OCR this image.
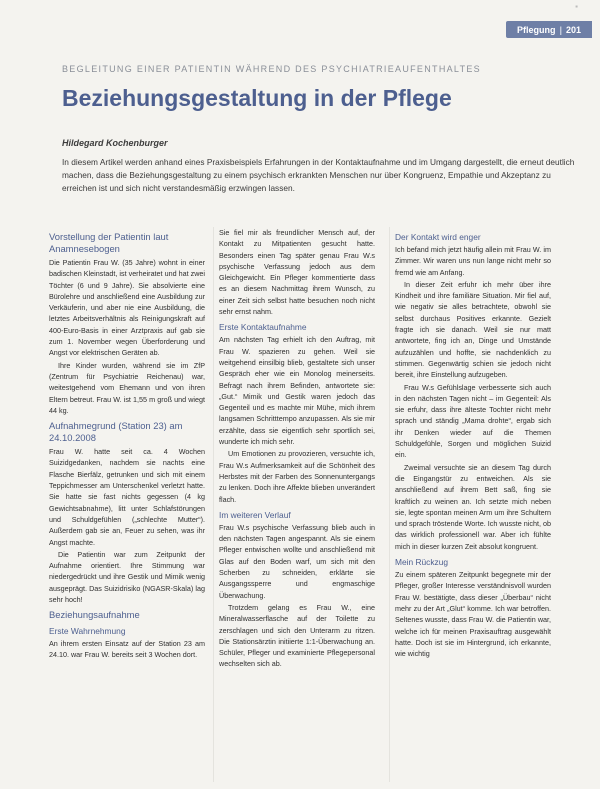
▪
Pflegung | 201
BEGLEITUNG EINER PATIENTIN WÄHREND DES PSYCHIATRIEAUFENTHALTES
Beziehungsgestaltung in der Pflege
Hildegard Kochenburger

In diesem Artikel werden anhand eines Praxisbeispiels Erfahrungen in der Kontaktaufnahme und im Umgang dargestellt, die erneut deutlich machen, dass die Beziehungsgestaltung zu einem psychisch erkrankten Menschen nur über Kongruenz, Empathie und Akzeptanz zu erreichen ist und sich nicht verstandesmäßig erzwingen lassen.

Vorstellung der Patientin laut Anamnesebogen

Die Patientin Frau W. (35 Jahre) wohnt in einer badischen Kleinstadt, ist verheiratet und hat zwei Töchter (6 und 9 Jahre). Sie absolvierte eine Bürolehre und anschließend eine Ausbildung zur Verkäuferin, und aber nie eine Ausbildung, die letztes Arbeitsverhältnis als Reinigungskraft auf 400-Euro-Basis in einer Arztpraxis auf gab sie zum 1. November wegen Überforderung und Angst vor elektrischen Geräten ab.

Ihre Kinder wurden, während sie im ZfP (Zentrum für Psychiatrie Reichenau) war, weitestgehend vom Ehemann und von ihren Eltern betreut. Frau W. ist 1,55 m groß und wiegt 44 kg.

Aufnahmegrund (Station 23) am 24.10.2008

Frau W. hatte seit ca. 4 Wochen Suizidgedanken, nachdem sie nachts eine Flasche Bierfälz, getrunken und sich mit einem Teppichmesser am Unterschenkel verletzt hatte. Sie hatte sie fast nichts gegessen (4 kg Gewichtsabnahme), litt unter Schlafstörungen und Schuldgefühlen („schlechte Mutter“). Außerdem gab sie an, Feuer zu sehen, was ihr Angst machte.

Die Patientin war zum Zeitpunkt der Aufnahme orientiert. Ihre Stimmung war niedergedrückt und ihre Gestik und Mimik wenig ausgeprägt. Das Suizidrisiko (NGASR-Skala) lag sehr hoch!

Beziehungsaufnahme
Erste Wahrnehmung

An ihrem ersten Einsatz auf der Station 23 am 24.10. war Frau W. bereits seit 3 Wochen dort.

Sie fiel mir als freundlicher Mensch auf, der Kontakt zu Mitpatienten gesucht hatte. Besonders einen Tag später genau Frau W.s psychische Verfassung jedoch aus dem Gleichgewicht. Ein Pfleger kommentierte dass es an diesem Nachmittag ihrem Wunsch, zu einer Zeit sich selbst hatte besuchen noch nicht sehr ernst nahm.

Erste Kontaktaufnahme

Am nächsten Tag erhielt ich den Auftrag, mit Frau W. spazieren zu gehen. Weil sie weitgehend einsilbig blieb, gestaltete sich unser Gespräch eher wie ein Monolog meinerseits. Befragt nach ihrem Befinden, antwortete sie: „Gut.“ Mimik und Gestik waren jedoch das Gegenteil und es machte mir Mühe, mich ihrem langsamen Schritttempo anzupassen. Als sie mir erzählte, dass sie eigentlich sehr sportlich sei, wunderte ich mich sehr.

Um Emotionen zu provozieren, versuchte ich, Frau W.s Aufmerksamkeit auf die Schönheit des Herbstes mit der Farben des Sonnenuntergangs zu lenken. Doch ihre Affekte blieben unverändert flach.

Im weiteren Verlauf

Frau W.s psychische Verfassung blieb auch in den nächsten Tagen angespannt. Als sie einem Pfleger entwischen wollte und anschließend mit Glas auf den Boden warf, um sich mit den Scherben zu schneiden, erklärte sie Ausgangssperre und engmaschige Überwachung.

Trotzdem gelang es Frau W., eine Mineralwasserflasche auf der Toilette zu zerschlagen und sich den Unterarm zu ritzen. Die Stationsärztin initiierte 1:1-Überwachung an. Schüler, Pfleger und examinierte Pflegepersonal wechselten sich ab.

Der Kontakt wird enger

Ich befand mich jetzt häufig allein mit Frau W. im Zimmer. Wir waren uns nun lange nicht mehr so fremd wie am Anfang.

In dieser Zeit erfuhr ich mehr über ihre Kindheit und ihre familiäre Situation. Mir fiel auf, wie negativ sie alles betrachtete, obwohl sie selbst durchaus Positives erkannte. Gezielt fragte ich sie danach. Weil sie nur matt antwortete, fing ich an, Dinge und Umstände aufzuzählen und hoffte, sie nachdenklich zu stimmen. Gegenwärtig schien sie jedoch nicht bereit, ihre Einstellung aufzugeben.

Frau W.s Gefühlslage verbesserte sich auch in den nächsten Tagen nicht – im Gegenteil: Als sie erfuhr, dass ihre älteste Tochter nicht mehr sprach und ständig „Mama drohte“, ergab sich ihr Denken wieder auf die Themen Schuldgefühle, Sorgen und möglichen Suizid ein.

Zweimal versuchte sie an diesem Tag durch die Eingangstür zu entweichen. Als sie anschließend auf ihrem Bett saß, fing sie kraftlich zu weinen an. Ich setzte mich neben sie, legte spontan meinen Arm um ihre Schultern und sprach tröstende Worte. Ich wusste nicht, ob das wirklich professionell war. Aber ich fühlte mich in dieser kurzen Zeit absolut kongruent.

Mein Rückzug

Zu einem späteren Zeitpunkt begegnete mir der Pfleger, großer Interesse verständnisvoll wurden Frau W. bestätigte, dass dieser „Überbau“ nicht mehr zu der Art „Glut“ komme. Ich war betroffen. Seltenes wusste, dass Frau W. die Patientin war, welche ich für meinen Praxisauftrag ausgewählt hatte. Doch ist sie im Hintergrund, ich erkannte, wie wichtig
